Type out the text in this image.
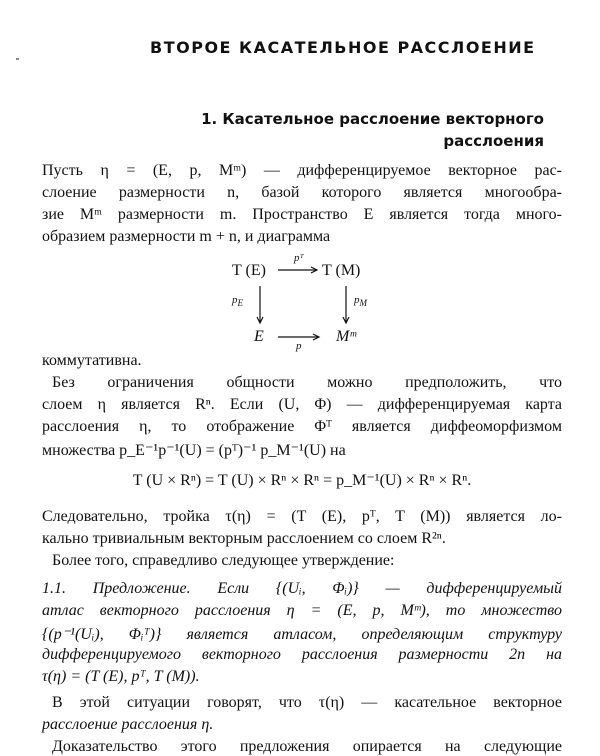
ВТОРОЕ КАСАТЕЛЬНОЕ РАССЛОЕНИЕ
1. Касательное расслоение векторного
расслоения
Пусть η = (E, p, Mᵐ) — дифференцируемое векторное рас-
слоение размерности n, базой которого является многообра-
зие Mᵐ размерности m. Пространство E является тогда много-
образием размерности m + n, и диаграмма
T (E)
pᵀ
T (M)
$p_E$	$p_M$
E
p
Mᵐ
коммутативна.
Без ограничения общности можно предположить, что
слоем η является Rⁿ. Если (U, Φ) — дифференцируемая карта
расслоения η, то отображение Φᵀ является диффеоморфизмом
множества p_E⁻¹p⁻¹(U) = (pᵀ)⁻¹ p_M⁻¹(U) на
T (U × Rⁿ) = T (U) × Rⁿ × Rⁿ = p_M⁻¹(U) × Rⁿ × Rⁿ.
Следовательно, тройка τ(η) = (T (E), pᵀ, T (M)) является ло-
кально тривиальным векторным расслоением со слоем R²ⁿ.
Более того, справедливо следующее утверждение:
1.1. Предложение. Если {(Uᵢ, Φᵢ)} — дифференцируемый
атлас векторного расслоения η = (E, p, Mᵐ), то множество
{(p⁻¹(Uᵢ), Φᵢᵀ)} является атласом, определяющим структуру
дифференцируемого векторного расслоения размерности 2n на
τ(η) = (T (E), pᵀ, T (M)).
В этой ситуации говорят, что τ(η) — касательное векторное
расслоение расслоения η.
Доказательство этого предложения опирается на следующие
